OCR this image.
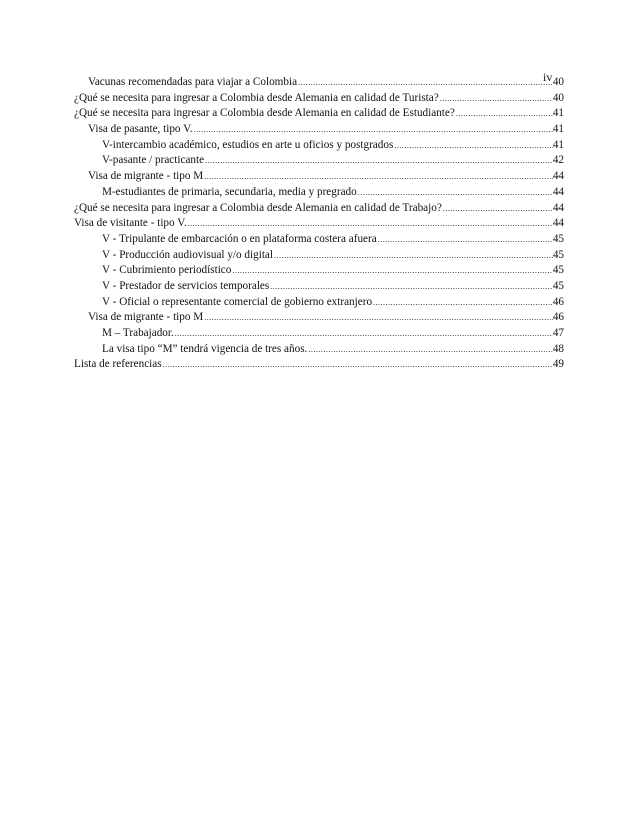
iv
Vacunas recomendadas para viajar a Colombia .....	40
¿Qué se necesita para ingresar a Colombia desde Alemania en calidad de Turista? .....	40
¿Qué se necesita para ingresar a Colombia desde Alemania en calidad de Estudiante? .....	41
Visa de pasante, tipo V. .....	41
V-intercambio académico, estudios en arte u oficios y postgrados .....	41
V-pasante / practicante .....	42
Visa de migrante - tipo M .....	44
M-estudiantes de primaria, secundaria, media y pregrado .....	44
¿Qué se necesita para ingresar a Colombia desde Alemania en calidad de Trabajo? .....	44
Visa de visitante - tipo V. .....	44
V - Tripulante de embarcación o en plataforma costera afuera .....	45
V - Producción audiovisual y/o digital .....	45
V - Cubrimiento periodístico .....	45
V - Prestador de servicios temporales .....	45
V - Oficial o representante comercial de gobierno extranjero .....	46
Visa de migrante - tipo M .....	46
M – Trabajador. .....	47
La visa tipo “M” tendrá vigencia de tres años. .....	48
Lista de referencias .....	49
